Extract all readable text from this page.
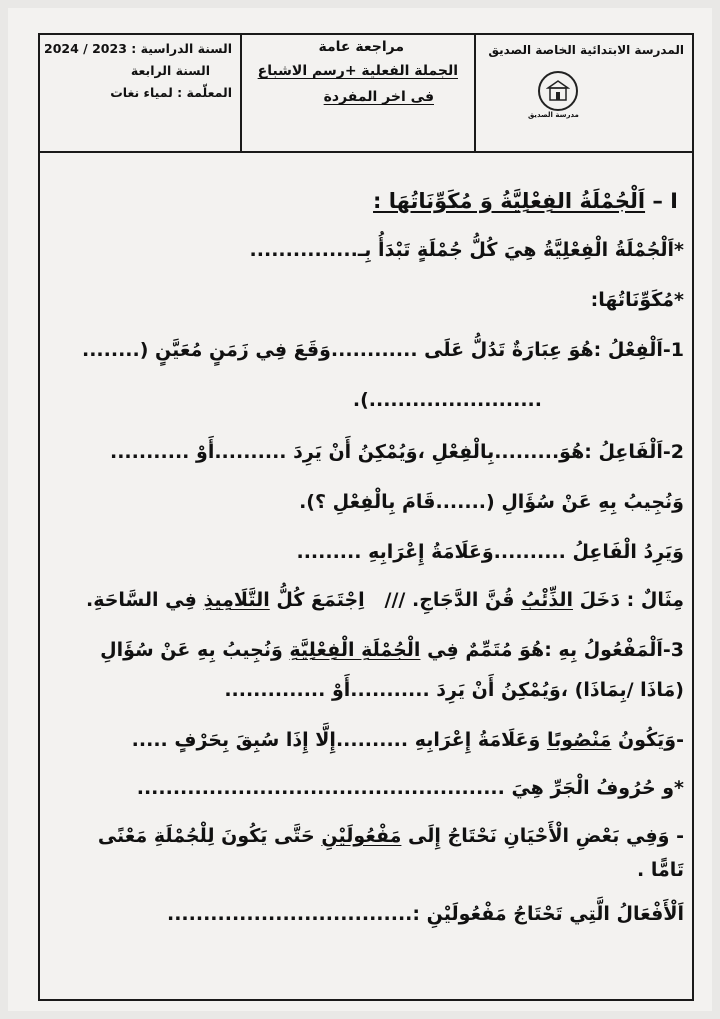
السنة الدراسية : 2023 / 2024
السنة الرابعة
المعلّمة : لمياء نغات
مراجعة عامة
الجملة الفعلية +رسم الاشباع
فى اخر المفردة
المدرسة الابتدائية الخاصة الصديق
مدرسة الصديق
I – اَلْجُمْلَةُ الفِعْلِيَّةُ وَ مُكَوِّنَاتُهَا :
*اَلْجُمْلَةُ الْفِعْلِيَّةُ هِيَ كُلُّ جُمْلَةٍ تَبْدَأُ بِـ...............
*مُكَوِّنَاتُهَا:
1-اَلْفِعْلُ :هُوَ عِبَارَةٌ تَدُلُّ عَلَى ............وَقَعَ فِي زَمَنٍ مُعَيَّنٍ (........
........................).
2-اَلْفَاعِلُ :هُوَ.........بِالْفِعْلِ ،وَيُمْكِنُ أَنْ يَرِدَ ..........أَوْ ...........
وَنُجِيبُ بِهِ عَنْ سُؤَالِ (.......قَامَ بِالْفِعْلِ ؟).
وَيَرِدُ الْفَاعِلُ ..........وَعَلَامَةُ إِعْرَابِهِ .........
مِثَالٌ : دَخَلَ الذِّئْبُ قُنَّ الدَّجَاجِ. ///   اِجْتَمَعَ كُلُّ التَّلَامِيذِ فِي السَّاحَةِ.
3-اَلْمَفْعُولُ بِهِ :هُوَ مُتَمِّمٌ فِي الْجُمْلَةِ الْفِعْلِيَّةِ وَنُجِيبُ بِهِ عَنْ سُؤَالِ
(مَاذَا /بِمَاذَا) ،وَيُمْكِنُ أَنْ يَرِدَ ...........أَوْ ..............
-وَيَكُونُ مَنْصُوبًا وَعَلَامَةُ إِعْرَابِهِ ..........إِلَّا إِذَا سُبِقَ بِحَرْفٍ .....
*و حُرُوفُ الْجَرِّ هِيَ ...................................................
- وَفِي بَعْضِ الْأَحْيَانِ نَحْتَاجُ إِلَى مَفْعُولَيْنِ حَتَّى يَكُونَ لِلْجُمْلَةِ مَعْنًى
تَامًّا .
اَلْأَفْعَالُ الَّتِي تَحْتَاجُ مَفْعُولَيْنِ :..................................
